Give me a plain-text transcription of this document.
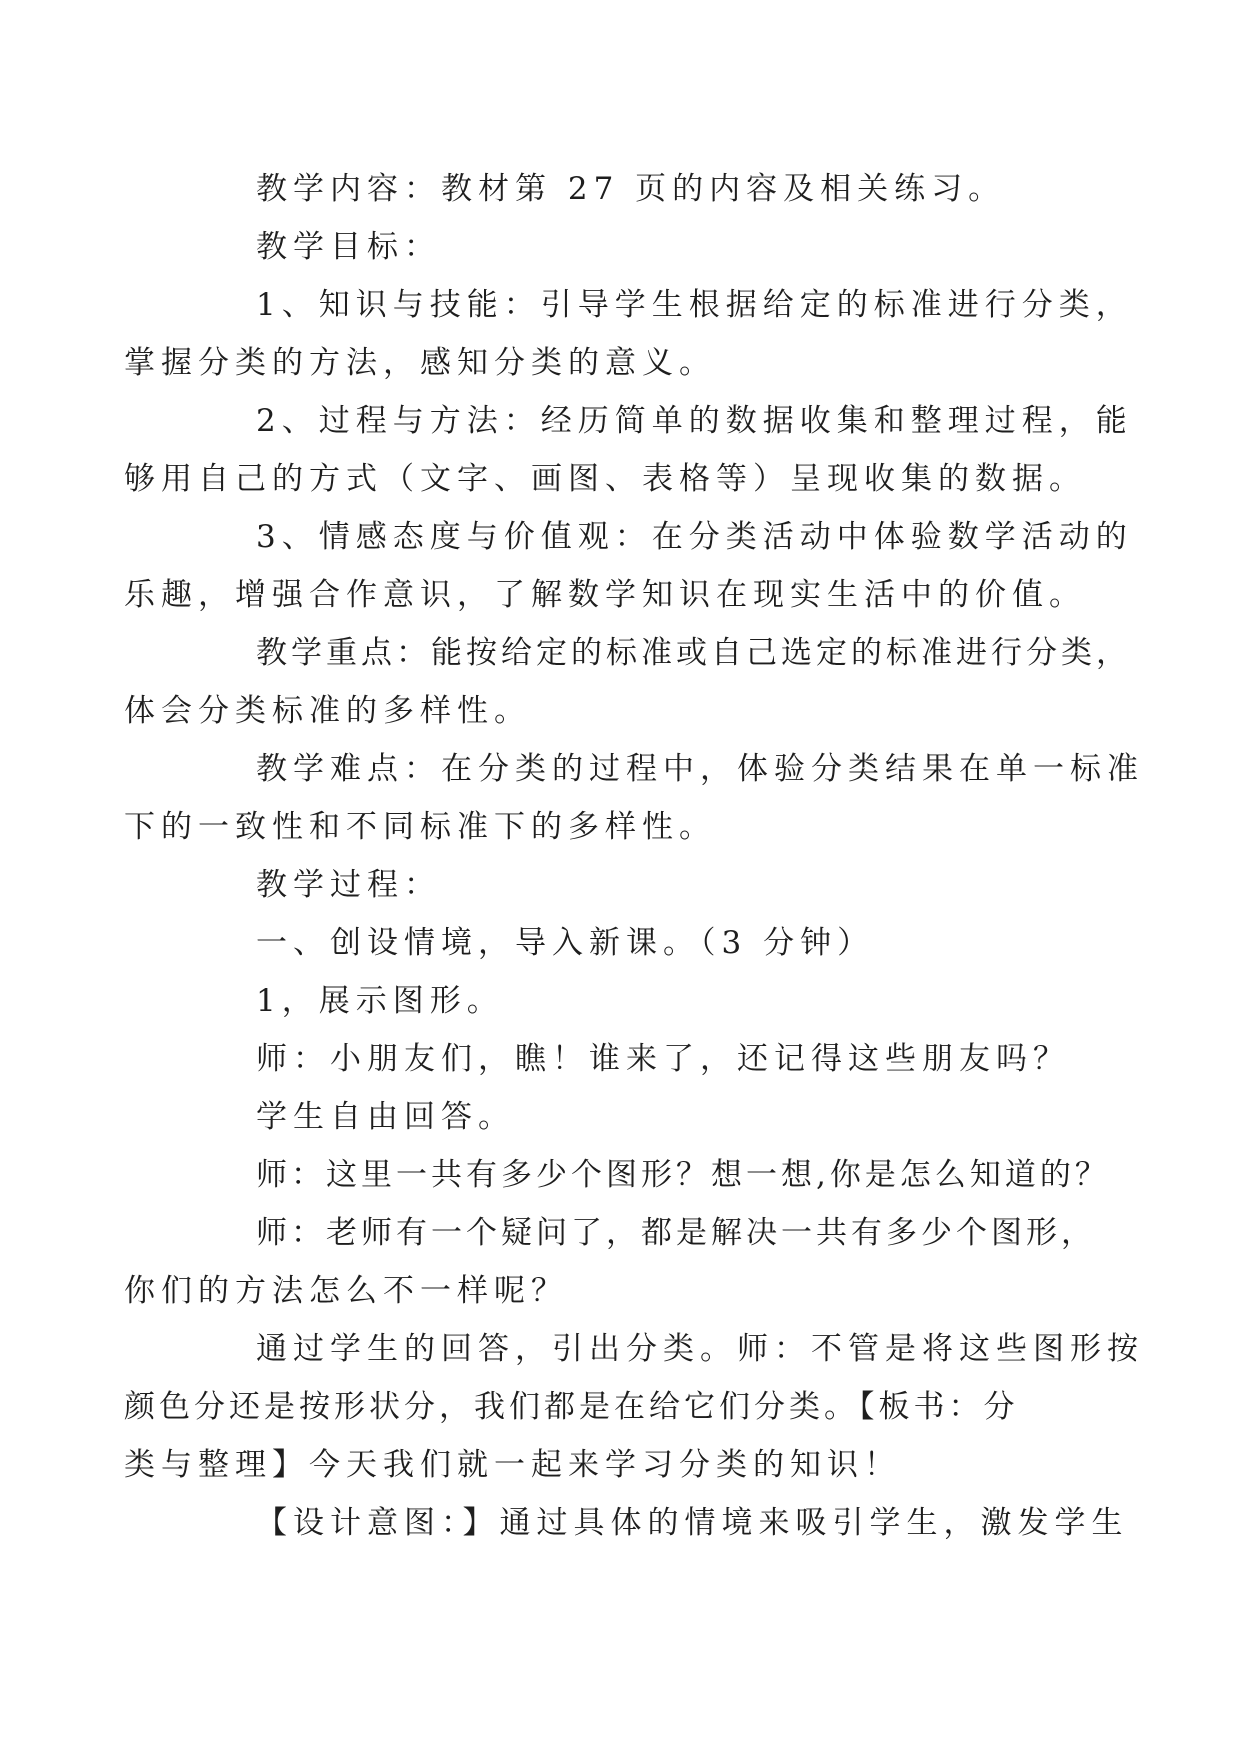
教学内容：教材第 27 页的内容及相关练习。

教学目标：

1、知识与技能：引导学生根据给定的标准进行分类，
掌握分类的方法，感知分类的意义。

2、过程与方法：经历简单的数据收集和整理过程，能
够用自己的方式（文字、画图、表格等）呈现收集的数据。

3、情感态度与价值观：在分类活动中体验数学活动的
乐趣，增强合作意识，了解数学知识在现实生活中的价值。

教学重点：能按给定的标准或自己选定的标准进行分类，
体会分类标准的多样性。

教学难点：在分类的过程中，体验分类结果在单一标准
下的一致性和不同标准下的多样性。

教学过程：

一、创设情境，导入新课。（3 分钟）

1，展示图形。

师：小朋友们，瞧！谁来了，还记得这些朋友吗？

学生自由回答。

师：这里一共有多少个图形？想一想,你是怎么知道的？

师：老师有一个疑问了，都是解决一共有多少个图形，
你们的方法怎么不一样呢？

通过学生的回答，引出分类。师：不管是将这些图形按
颜色分还是按形状分，我们都是在给它们分类。【板书：分
类与整理】今天我们就一起来学习分类的知识！

【设计意图：】通过具体的情境来吸引学生，激发学生
